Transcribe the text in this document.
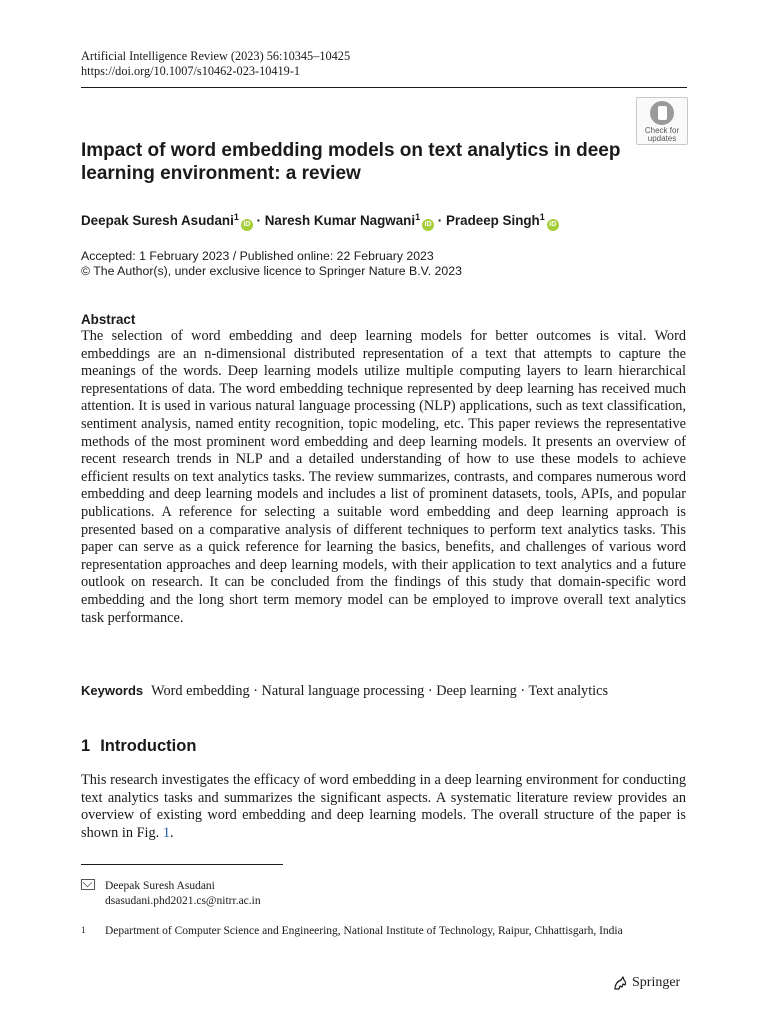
Artificial Intelligence Review (2023) 56:10345–10425
https://doi.org/10.1007/s10462-023-10419-1
Check for
updates
Impact of word embedding models on text analytics in deep learning environment: a review
Deepak Suresh Asudani$^1$iD · Naresh Kumar Nagwani$^1$iD · Pradeep Singh$^1$iD
Accepted: 1 February 2023 / Published online: 22 February 2023
© The Author(s), under exclusive licence to Springer Nature B.V. 2023
Abstract

The selection of word embedding and deep learning models for better outcomes is vital. Word embeddings are an n-dimensional distributed representation of a text that attempts to capture the meanings of the words. Deep learning models utilize multiple computing layers to learn hierarchical representations of data. The word embedding technique represented by deep learning has received much attention. It is used in various natural language processing (NLP) applications, such as text classification, sentiment analysis, named entity recognition, topic modeling, etc. This paper reviews the representative methods of the most prominent word embedding and deep learning models. It presents an overview of recent research trends in NLP and a detailed understanding of how to use these models to achieve efficient results on text analytics tasks. The review summarizes, contrasts, and compares numerous word embedding and deep learning models and includes a list of prominent datasets, tools, APIs, and popular publications. A reference for selecting a suitable word embedding and deep learning approach is presented based on a comparative analysis of different techniques to perform text analytics tasks. This paper can serve as a quick reference for learning the basics, benefits, and challenges of various word representation approaches and deep learning models, with their application to text analytics and a future outlook on research. It can be concluded from the findings of this study that domain-specific word embedding and the long short term memory model can be employed to improve overall text analytics task performance.

Keywords Word embedding · Natural language processing · Deep learning · Text analytics
1 Introduction

This research investigates the efficacy of word embedding in a deep learning environment for conducting text analytics tasks and summarizes the significant aspects. A systematic literature review provides an overview of existing word embedding and deep learning models. The overall structure of the paper is shown in Fig. 1.

Deepak Suresh Asudani
dsasudani.phd2021.cs@nitrr.ac.in
1	Department of Computer Science and Engineering, National Institute of Technology, Raipur, Chhattisgarh, India
Springer
